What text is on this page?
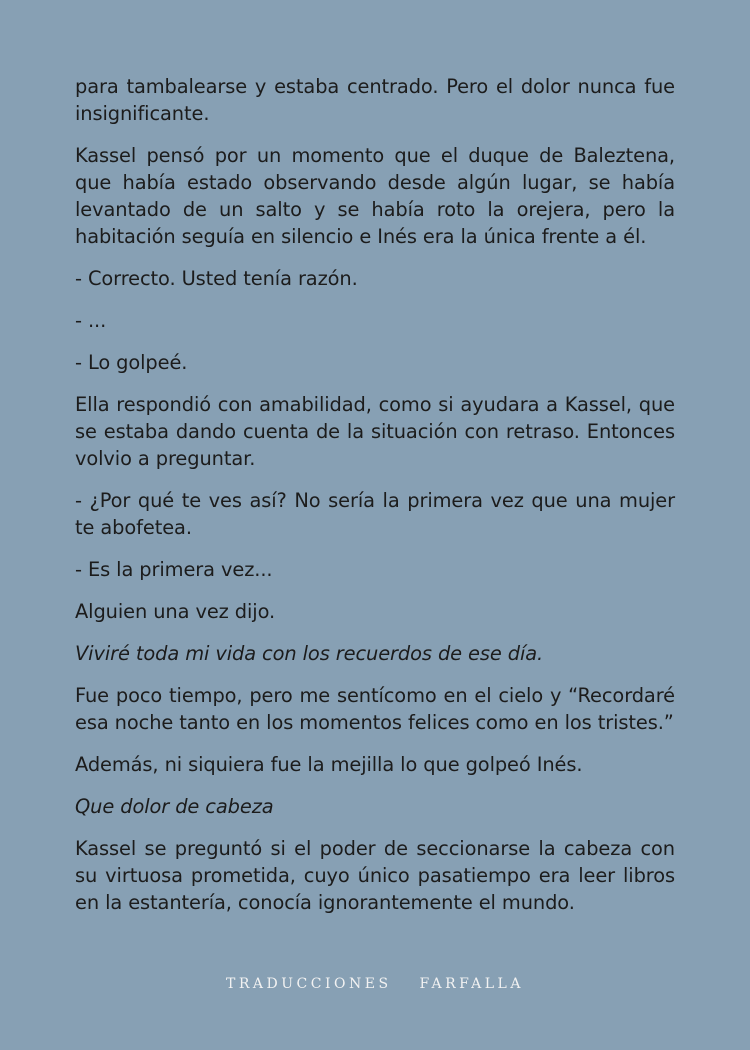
para tambalearse y estaba centrado. Pero el dolor nunca fue insignificante.

Kassel pensó por un momento que el duque de Baleztena, que había estado observando desde algún lugar, se había levantado de un salto y se había roto la orejera, pero la habitación seguía en silencio e Inés era la única frente a él.

- Correcto. Usted tenía razón.

- ...

- Lo golpeé.

Ella respondió con amabilidad, como si ayudara a Kassel, que se estaba dando cuenta de la situación con retraso. Entonces volvio a preguntar.

- ¿Por qué te ves así? No sería la primera vez que una mujer te abofetea.

- Es la primera vez...

Alguien una vez dijo.

Viviré toda mi vida con los recuerdos de ese día.

Fue poco tiempo, pero me sentícomo en el cielo y “Recordaré esa noche tanto en los momentos felices como en los tristes.”

Además, ni siquiera fue la mejilla lo que golpeó Inés.

Que dolor de cabeza

Kassel se preguntó si el poder de seccionarse la cabeza con su virtuosa prometida, cuyo único pasatiempo era leer libros en la estantería, conocía ignorantemente el mundo.

TRADUCCIONES FARFALLA
